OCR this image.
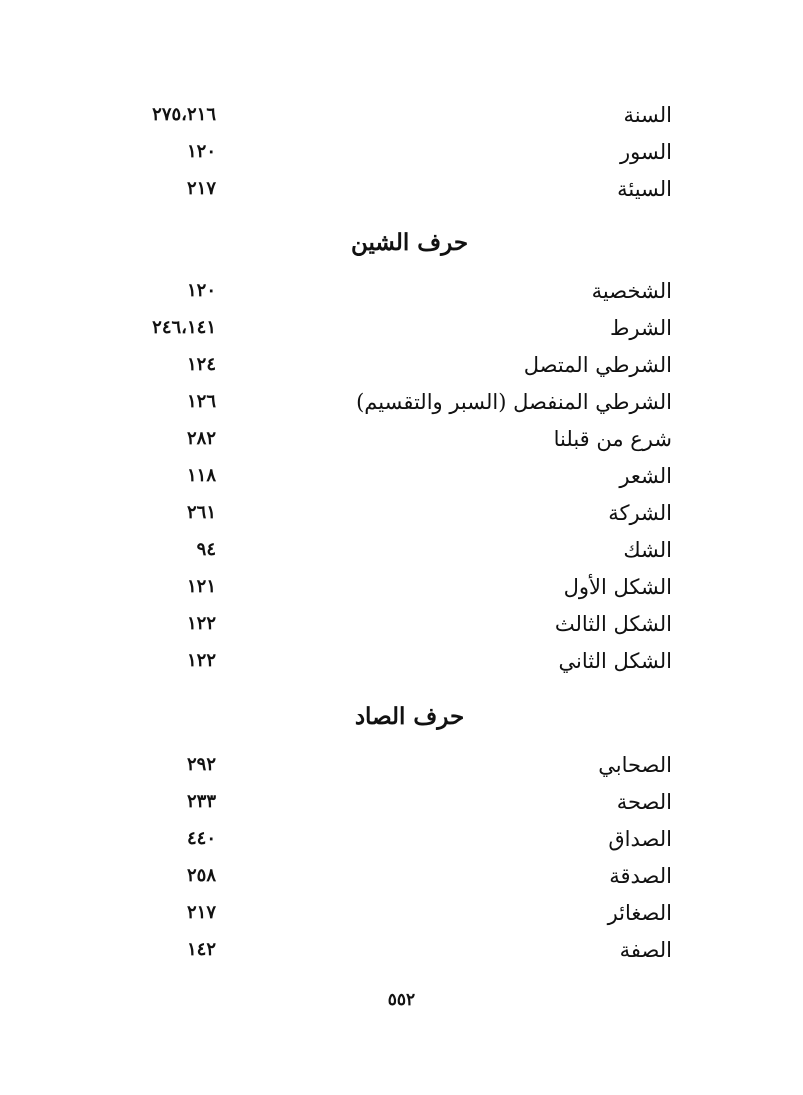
السنة
٢٧٥،٢١٦
السور
١٢٠
السيئة
٢١٧
حرف الشين
الشخصية
١٢٠
الشرط
٢٤٦،١٤١
الشرطي المتصل
١٢٤
الشرطي المنفصل (السبر والتقسيم)
١٢٦
شرع من قبلنا
٢٨٢
الشعر
١١٨
الشركة
٢٦١
الشك
٩٤
الشكل الأول
١٢١
الشكل الثالث
١٢٢
الشكل الثاني
١٢٢
حرف الصاد
الصحابي
٢٩٢
الصحة
٢٣٣
الصداق
٤٤٠
الصدقة
٢٥٨
الصغائر
٢١٧
الصفة
١٤٢
٥٥٢
